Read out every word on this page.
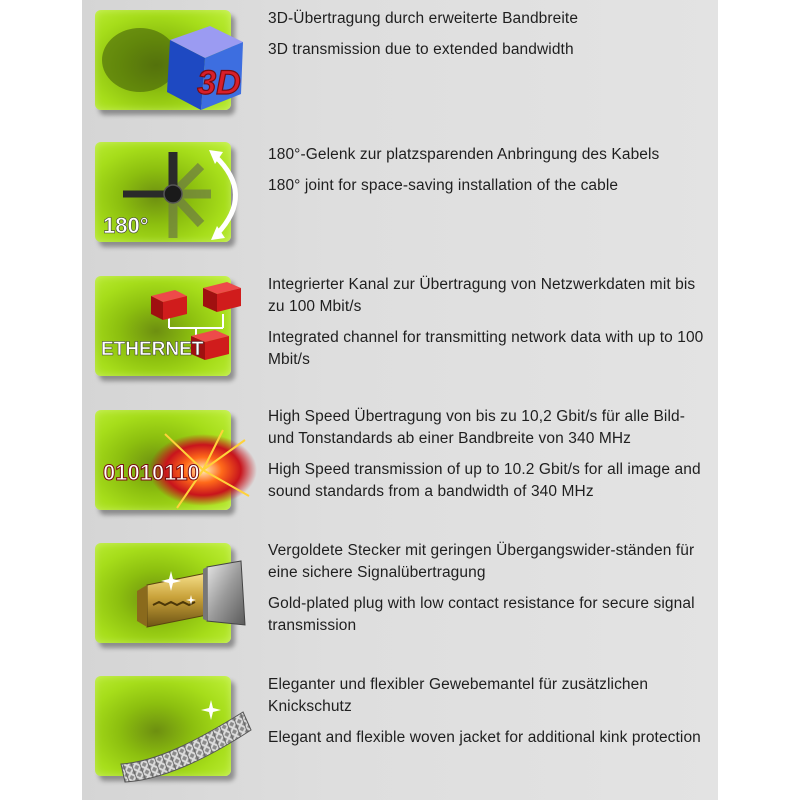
3D

3D-Übertragung durch erweiterte Bandbreite

3D transmission due to extended bandwidth

180°

180°-Gelenk zur platzsparenden Anbringung des Kabels

180° joint for space-saving installation of the cable

ETHERNET

Integrierter Kanal zur Übertragung von Netzwerkdaten mit bis zu 100 Mbit/s

Integrated channel for transmitting network data with up to 100 Mbit/s

01010110

High Speed Übertragung von bis zu 10,2 Gbit/s für alle Bild- und Tonstandards ab einer Bandbreite von 340 MHz

High Speed transmission of up to 10.2 Gbit/s for all image and sound standards from a bandwidth of 340 MHz

Vergoldete Stecker mit geringen Übergangswider-ständen für eine sichere Signalübertragung

Gold-plated plug with low contact resistance for secure signal transmission

Eleganter und flexibler Gewebemantel für zusätzlichen Knickschutz

Elegant and flexible woven jacket for additional kink protection
